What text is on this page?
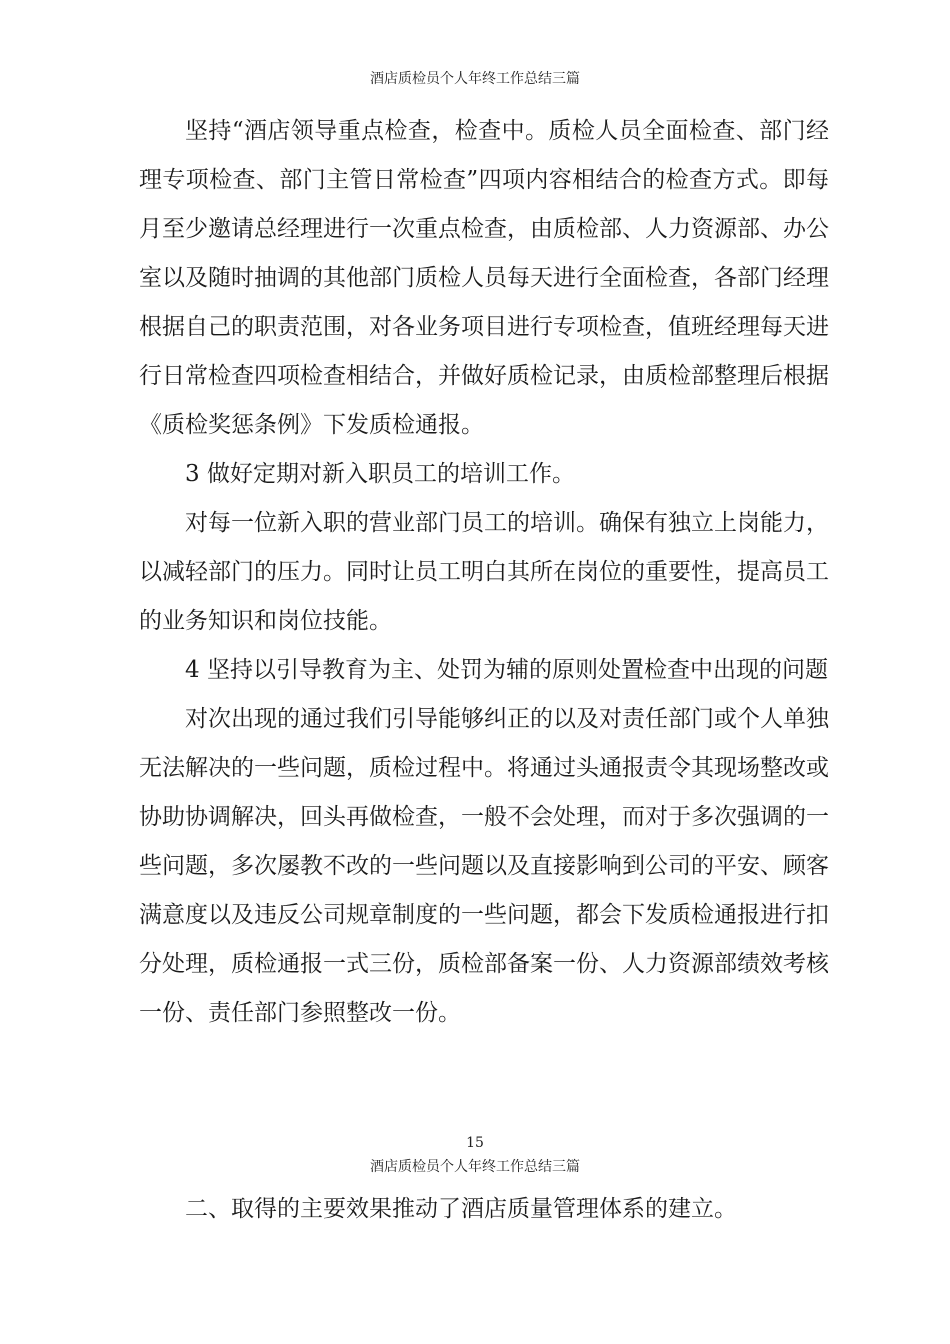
酒店质检员个人年终工作总结三篇

坚持“酒店领导重点检查，检查中。质检人员全面检查、部门经理专项检查、部门主管日常检查”四项内容相结合的检查方式。即每月至少邀请总经理进行一次重点检查，由质检部、人力资源部、办公室以及随时抽调的其他部门质检人员每天进行全面检查，各部门经理根据自己的职责范围，对各业务项目进行专项检查，值班经理每天进行日常检查四项检查相结合，并做好质检记录，由质检部整理后根据《质检奖惩条例》下发质检通报。

3 做好定期对新入职员工的培训工作。

对每一位新入职的营业部门员工的培训。确保有独立上岗能力，以减轻部门的压力。同时让员工明白其所在岗位的重要性，提高员工的业务知识和岗位技能。

4 坚持以引导教育为主、处罚为辅的原则处置检查中出现的问题

对次出现的通过我们引导能够纠正的以及对责任部门或个人单独无法解决的一些问题，质检过程中。将通过头通报责令其现场整改或协助协调解决，回头再做检查，一般不会处理，而对于多次强调的一些问题，多次屡教不改的一些问题以及直接影响到公司的平安、顾客满意度以及违反公司规章制度的一些问题，都会下发质检通报进行扣分处理，质检通报一式三份，质检部备案一份、人力资源部绩效考核一份、责任部门参照整改一份。

15
酒店质检员个人年终工作总结三篇

二、取得的主要效果推动了酒店质量管理体系的建立。
